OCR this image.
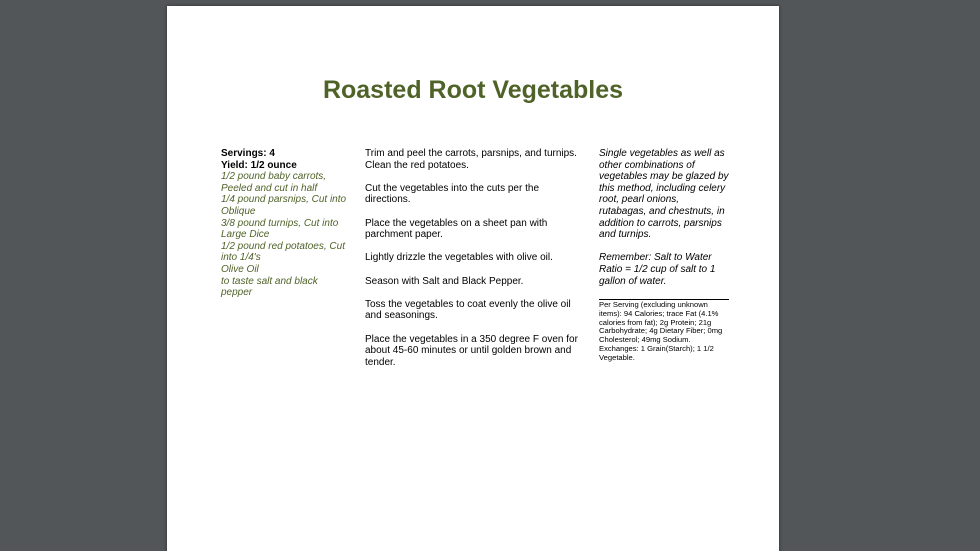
Roasted Root Vegetables
Servings: 4
Yield: 1/2 ounce
1/2 pound baby carrots, Peeled and cut in half
1/4 pound parsnips, Cut into Oblique
3/8 pound turnips, Cut into Large Dice
1/2 pound red potatoes, Cut into 1/4's
Olive Oil
to taste salt and black pepper
Trim and peel the carrots, parsnips, and turnips. Clean the red potatoes.
Cut the vegetables into the cuts per the directions.
Place the vegetables on a sheet pan with parchment paper.
Lightly drizzle the vegetables with olive oil.
Season with Salt and Black Pepper.
Toss the vegetables to coat evenly the olive oil and seasonings.
Place the vegetables in a 350 degree F oven for about 45-60 minutes or until golden brown and tender.
Single vegetables as well as other combinations of vegetables may be glazed by this method, including celery root, pearl onions, rutabagas, and chestnuts, in addition to carrots, parsnips and turnips.
Remember: Salt to Water Ratio = 1/2 cup of salt to 1 gallon of water.
Per Serving (excluding unknown items): 94 Calories; trace Fat (4.1% calories from fat); 2g Protein; 21g Carbohydrate; 4g Dietary Fiber; 0mg Cholesterol; 49mg Sodium. Exchanges: 1 Grain(Starch); 1 1/2 Vegetable.
